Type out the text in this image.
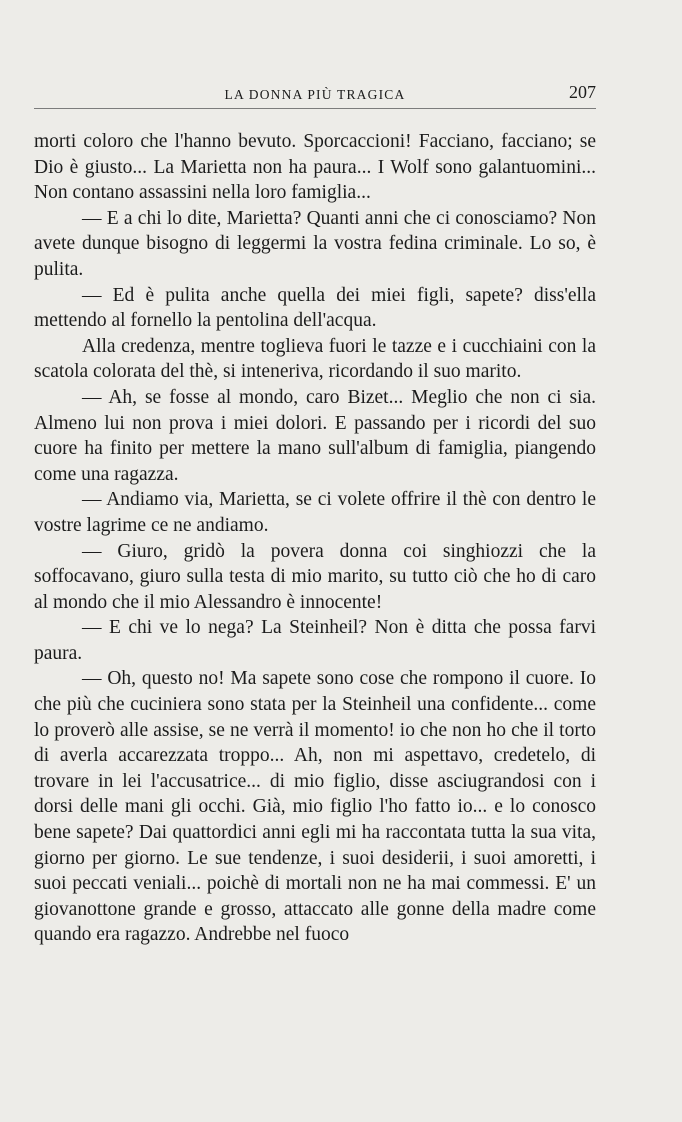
LA DONNA PIÙ TRAGICA	207

morti coloro che l'hanno bevuto. Sporcaccioni! Facciano, facciano; se Dio è giusto... La Marietta non ha paura... I Wolf sono galantuomini... Non contano assassini nella loro famiglia...

— E a chi lo dite, Marietta? Quanti anni che ci conosciamo? Non avete dunque bisogno di leggermi la vostra fedina criminale. Lo so, è pulita.

— Ed è pulita anche quella dei miei figli, sapete? diss'ella mettendo al fornello la pentolina dell'acqua.

Alla credenza, mentre toglieva fuori le tazze e i cucchiaini con la scatola colorata del thè, si inteneriva, ricordando il suo marito.

— Ah, se fosse al mondo, caro Bizet... Meglio che non ci sia. Almeno lui non prova i miei dolori. E passando per i ricordi del suo cuore ha finito per mettere la mano sull'album di famiglia, piangendo come una ragazza.

— Andiamo via, Marietta, se ci volete offrire il thè con dentro le vostre lagrime ce ne andiamo.

— Giuro, gridò la povera donna coi singhiozzi che la soffocavano, giuro sulla testa di mio marito, su tutto ciò che ho di caro al mondo che il mio Alessandro è innocente!

— E chi ve lo nega? La Steinheil? Non è ditta che possa farvi paura.

— Oh, questo no! Ma sapete sono cose che rompono il cuore. Io che più che cuciniera sono stata per la Steinheil una confidente... come lo proverò alle assise, se ne verrà il momento! io che non ho che il torto di averla accarezzata troppo... Ah, non mi aspettavo, credetelo, di trovare in lei l'accusatrice... di mio figlio, disse asciugrandosi con i dorsi delle mani gli occhi. Già, mio figlio l'ho fatto io... e lo conosco bene sapete? Dai quattordici anni egli mi ha raccontata tutta la sua vita, giorno per giorno. Le sue tendenze, i suoi desiderii, i suoi amoretti, i suoi peccati veniali... poichè di mortali non ne ha mai commessi. E' un giovanottone grande e grosso, attaccato alle gonne della madre come quando era ragazzo. Andrebbe nel fuoco
